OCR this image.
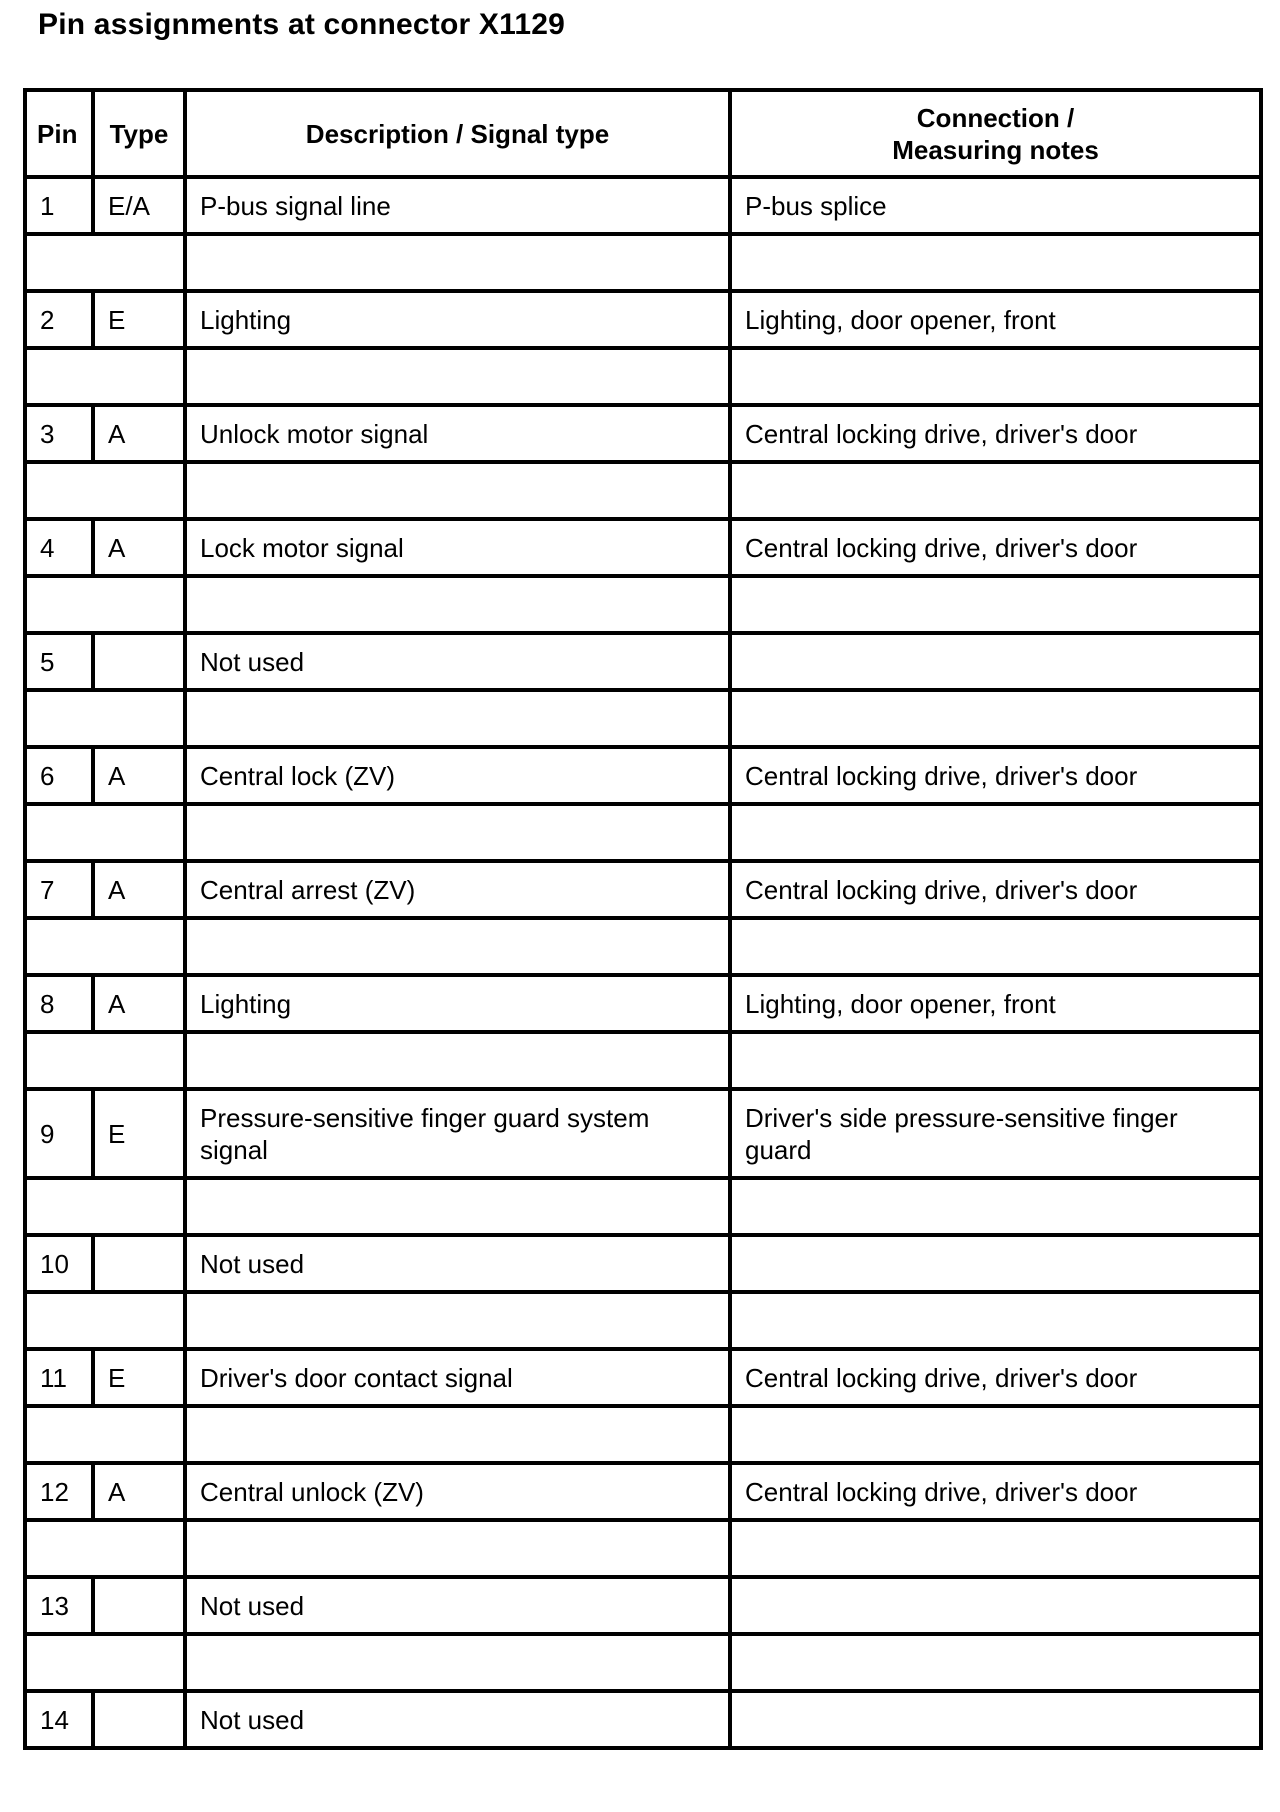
Pin assignments at connector X1129
Pin	Type	Description / Signal type	Connection /
Measuring notes
1	E/A	P-bus signal line	P-bus splice

2	E	Lighting	Lighting, door opener, front

3	A	Unlock motor signal	Central locking drive, driver's door

4	A	Lock motor signal	Central locking drive, driver's door

5		Not used	

6	A	Central lock (ZV)	Central locking drive, driver's door

7	A	Central arrest (ZV)	Central locking drive, driver's door

8	A	Lighting	Lighting, door opener, front

9	E	Pressure-sensitive finger guard system signal	Driver's side pressure-sensitive finger guard

10		Not used	

11	E	Driver's door contact signal	Central locking drive, driver's door

12	A	Central unlock (ZV)	Central locking drive, driver's door

13		Not used	

14		Not used	
